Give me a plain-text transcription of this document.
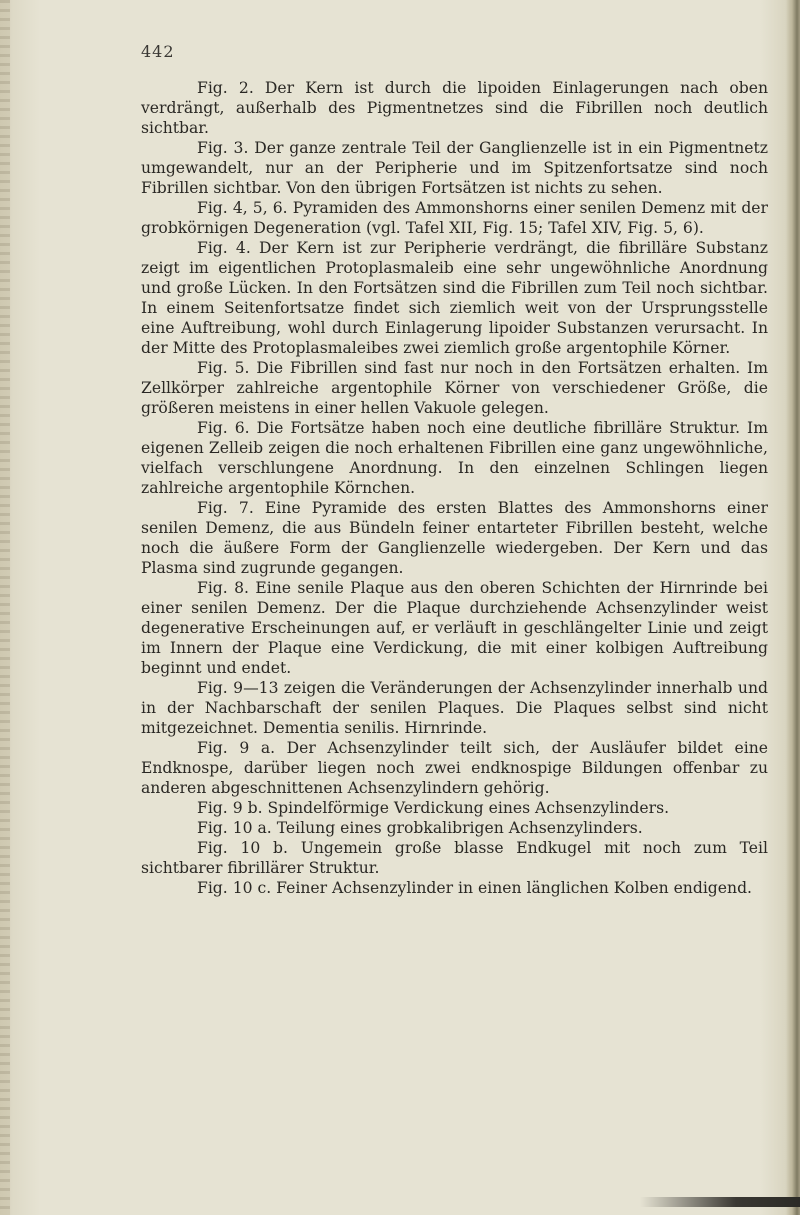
442

Fig. 2. Der Kern ist durch die lipoiden Einlagerungen nach oben verdrängt, außerhalb des Pigmentnetzes sind die Fibrillen noch deutlich sichtbar.

Fig. 3. Der ganze zentrale Teil der Ganglienzelle ist in ein Pigmentnetz umgewandelt, nur an der Peripherie und im Spitzenfortsatze sind noch Fibrillen sichtbar. Von den übrigen Fortsätzen ist nichts zu sehen.

Fig. 4, 5, 6. Pyramiden des Ammonshorns einer senilen Demenz mit der grobkörnigen Degeneration (vgl. Tafel XII, Fig. 15; Tafel XIV, Fig. 5, 6).

Fig. 4. Der Kern ist zur Peripherie verdrängt, die fibrilläre Substanz zeigt im eigentlichen Protoplasmaleib eine sehr ungewöhnliche Anordnung und große Lücken. In den Fortsätzen sind die Fibrillen zum Teil noch sichtbar. In einem Seitenfortsatze findet sich ziemlich weit von der Ursprungsstelle eine Auftreibung, wohl durch Einlagerung lipoider Substanzen verursacht. In der Mitte des Protoplasmaleibes zwei ziemlich große argentophile Körner.

Fig. 5. Die Fibrillen sind fast nur noch in den Fortsätzen erhalten. Im Zellkörper zahlreiche argentophile Körner von verschiedener Größe, die größeren meistens in einer hellen Vakuole gelegen.

Fig. 6. Die Fortsätze haben noch eine deutliche fibrilläre Struktur. Im eigenen Zelleib zeigen die noch erhaltenen Fibrillen eine ganz ungewöhnliche, vielfach verschlungene Anordnung. In den einzelnen Schlingen liegen zahlreiche argentophile Körnchen.

Fig. 7. Eine Pyramide des ersten Blattes des Ammonshorns einer senilen Demenz, die aus Bündeln feiner entarteter Fibrillen besteht, welche noch die äußere Form der Ganglienzelle wiedergeben. Der Kern und das Plasma sind zugrunde gegangen.

Fig. 8. Eine senile Plaque aus den oberen Schichten der Hirnrinde bei einer senilen Demenz. Der die Plaque durchziehende Achsenzylinder weist degenerative Erscheinungen auf, er verläuft in geschlängelter Linie und zeigt im Innern der Plaque eine Verdickung, die mit einer kolbigen Auftreibung beginnt und endet.

Fig. 9—13 zeigen die Veränderungen der Achsenzylinder innerhalb und in der Nachbarschaft der senilen Plaques. Die Plaques selbst sind nicht mitgezeichnet. Dementia senilis. Hirnrinde.

Fig. 9 a. Der Achsenzylinder teilt sich, der Ausläufer bildet eine Endknospe, darüber liegen noch zwei endknospige Bildungen offenbar zu anderen abgeschnittenen Achsenzylindern gehörig.

Fig. 9 b. Spindelförmige Verdickung eines Achsenzylinders.

Fig. 10 a. Teilung eines grobkalibrigen Achsenzylinders.

Fig. 10 b. Ungemein große blasse Endkugel mit noch zum Teil sichtbarer fibrillärer Struktur.

Fig. 10 c. Feiner Achsenzylinder in einen länglichen Kolben endigend.
